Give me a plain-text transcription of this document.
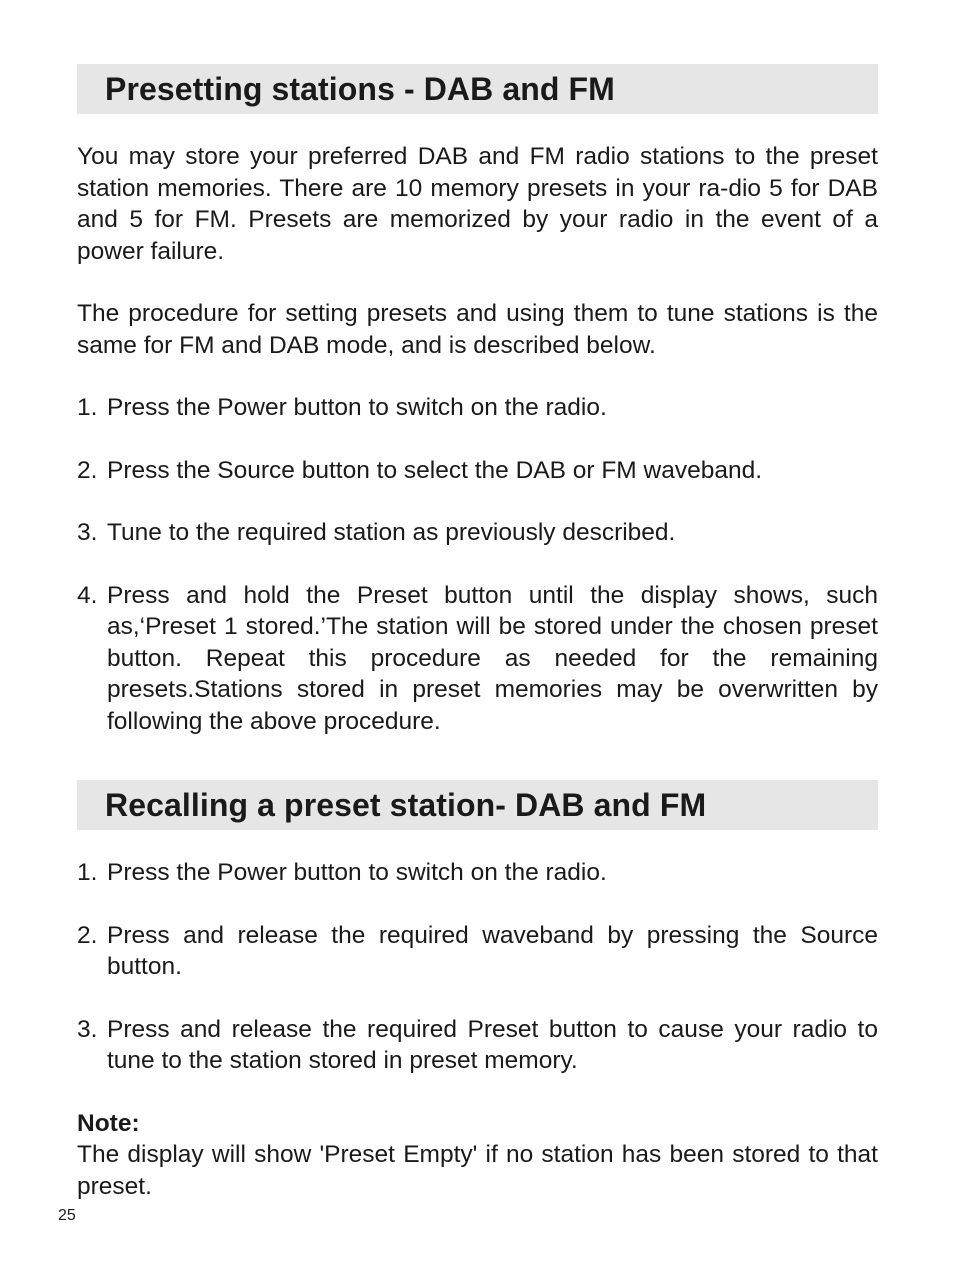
Presetting stations - DAB and FM

You may store your preferred DAB and FM radio stations to the preset station memories. There are 10 memory presets in your ra-dio 5 for DAB and 5 for FM. Presets are memorized by your radio in the event of a power failure.

The procedure for setting presets and using them to tune stations is the same for FM and DAB mode, and is described below.

1. Press the Power button to switch on the radio.
2. Press the Source button to select the DAB or FM waveband.
3. Tune to the required station as previously described.
4. Press and hold the Preset button until the display shows, such as,‘Preset 1 stored.’The station will be stored under the chosen preset button. Repeat this procedure as needed for the remaining presets.Stations stored in preset memories may be overwritten by following the above procedure.
Recalling a preset station- DAB and FM
1. Press the Power button to switch on the radio.
2. Press and release the required waveband by pressing the Source button.
3. Press and release the required Preset button to cause your radio to tune to the station stored in preset memory.

Note:

The display will show 'Preset Empty' if no station has been stored to that preset.

25
